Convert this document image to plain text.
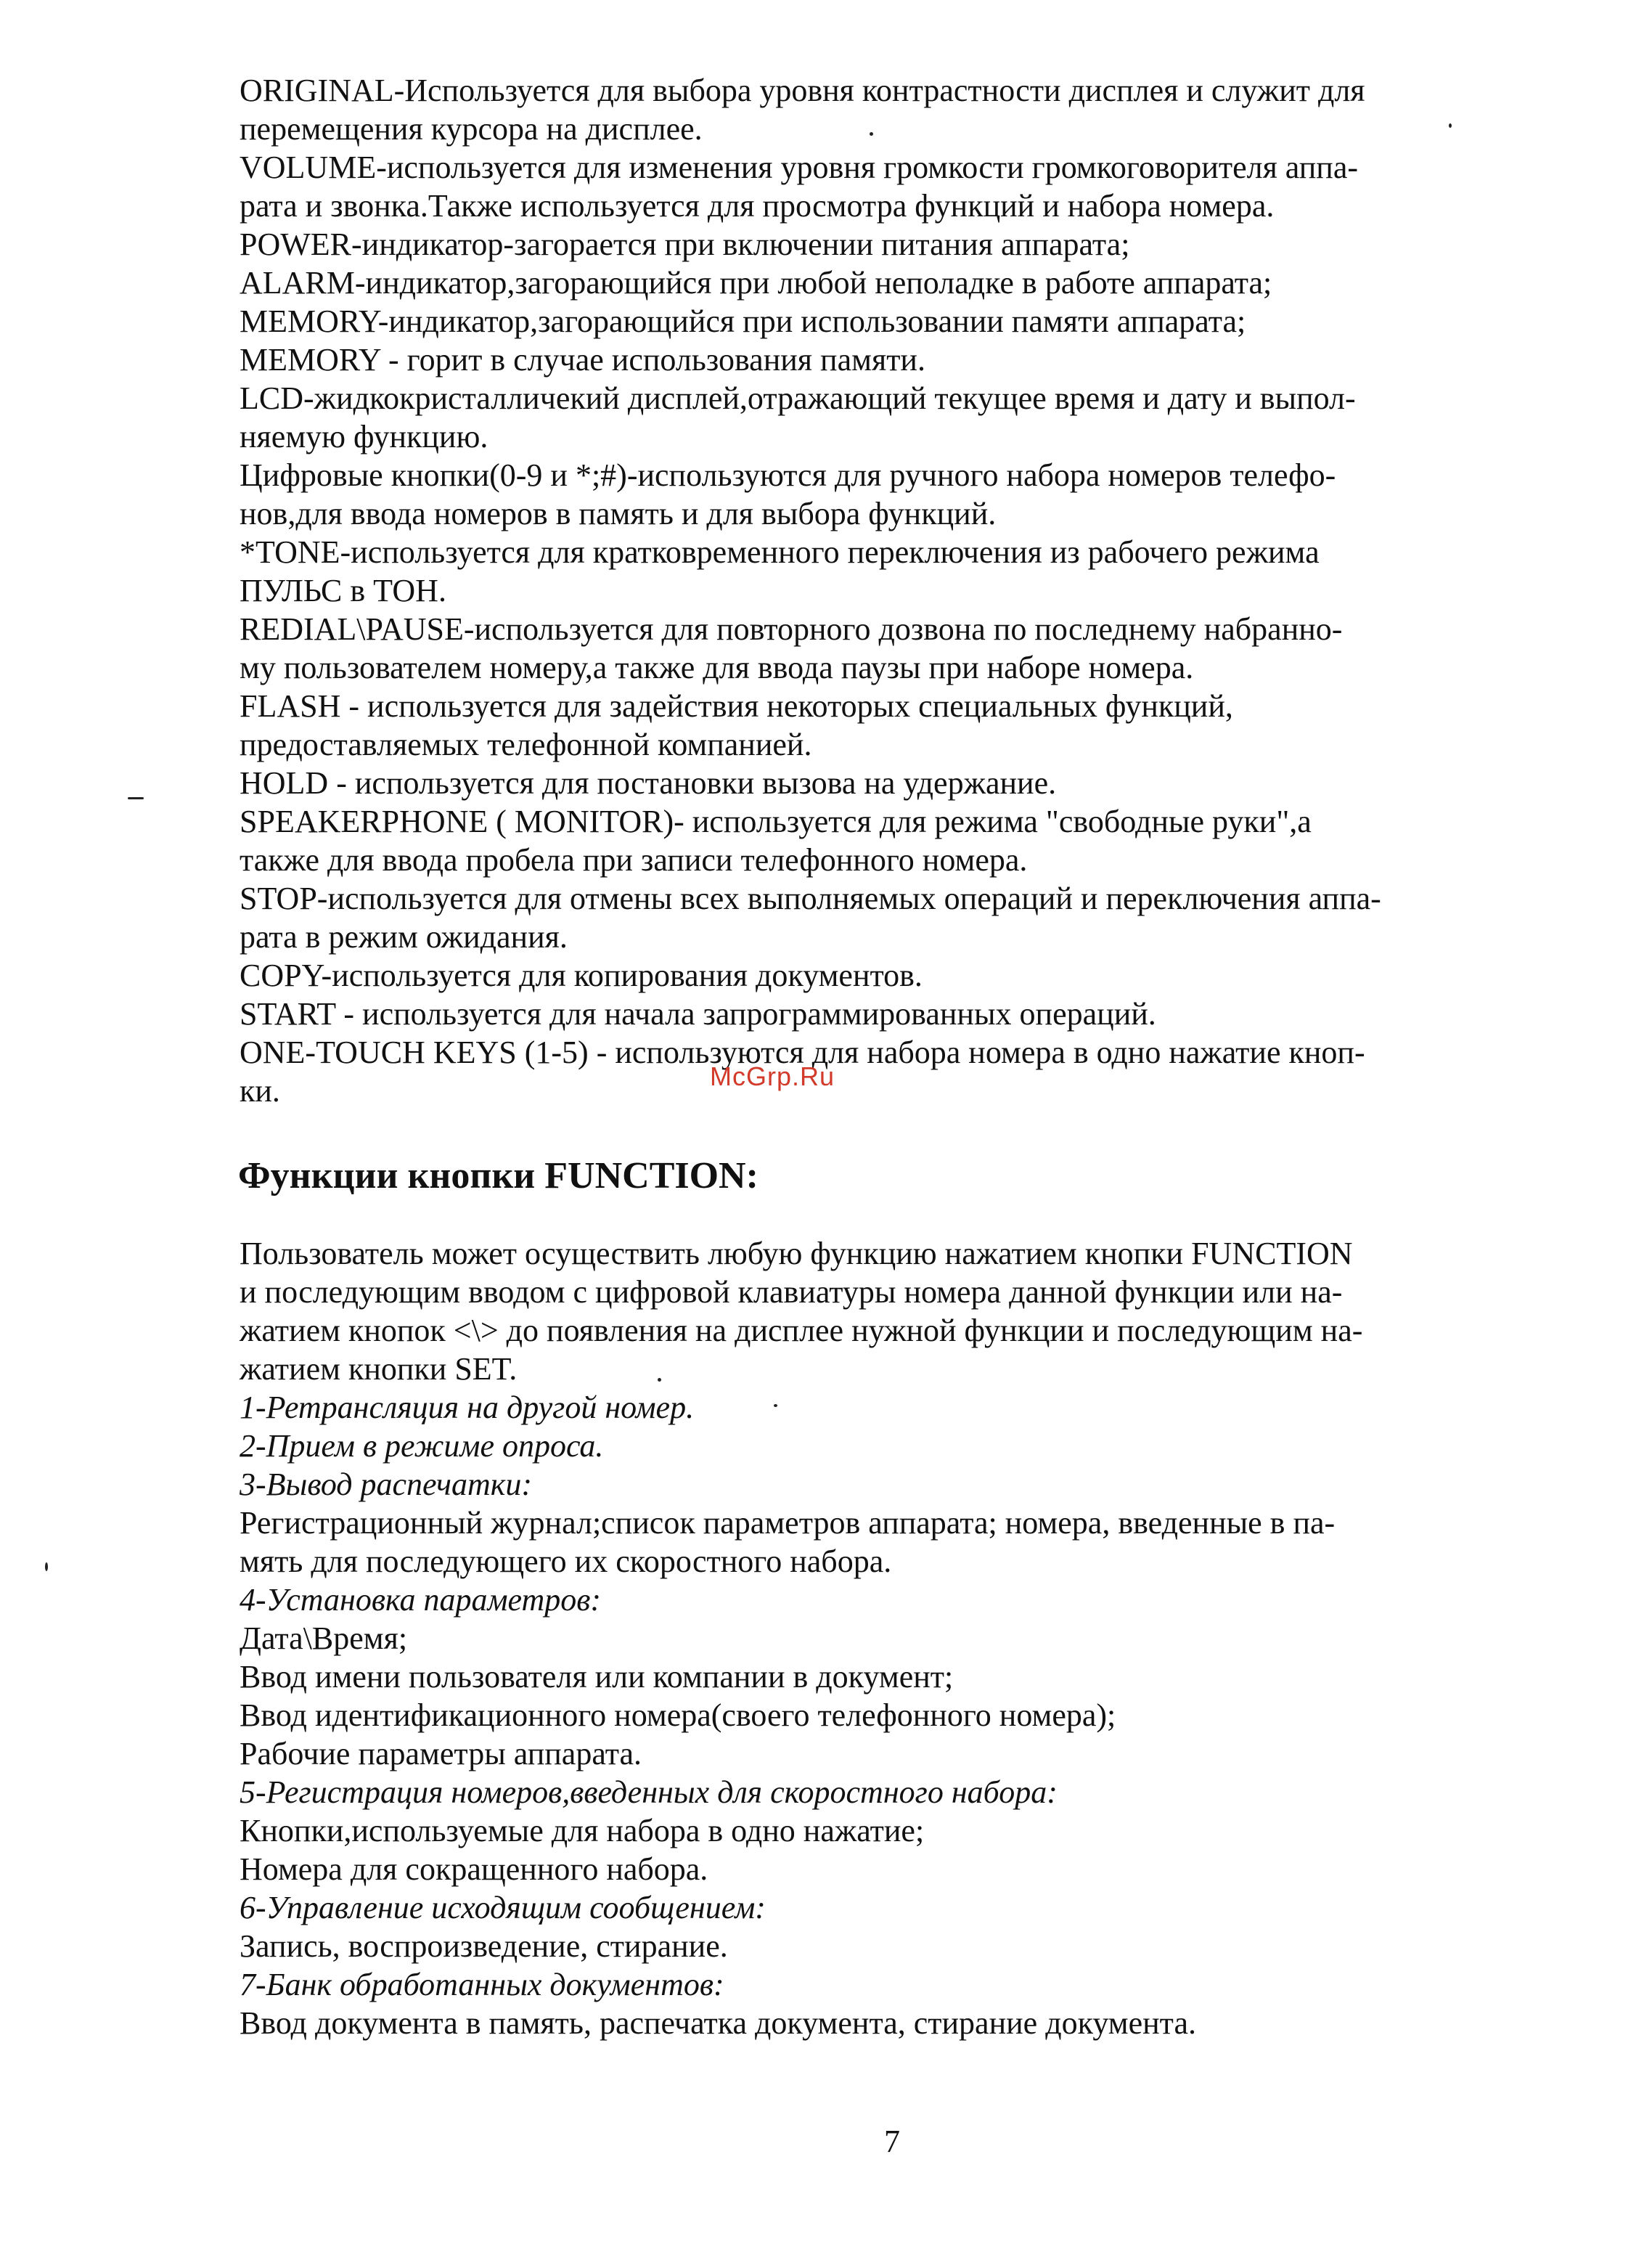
ORIGINAL-Используется для выбора уровня контрастности дисплея и служит для

перемещения курсора на дисплее.

VOLUME-используется для изменения уровня громкости громкоговорителя аппа-

рата и звонка.Также используется для просмотра функций и набора номера.

POWER-индикатор-загорается при включении питания аппарата;

ALARM-индикатор,загорающийся при любой неполадке в работе аппарата;

MEMORY-индикатор,загорающийся при использовании памяти аппарата;

MEMORY - горит в случае использования памяти.

LCD-жидкокристалличекий дисплей,отражающий текущее время и дату и выпол-

няемую функцию.

Цифровые кнопки(0-9 и *;#)-используются для ручного набора номеров телефо-

нов,для ввода номеров в память и для выбора функций.

*TONE-используется для кратковременного переключения из рабочего режима

ПУЛЬС в ТОН.

REDIAL\PAUSE-используется для повторного дозвона по последнему набранно-

му пользователем номеру,а также для ввода паузы при наборе номера.

FLASH - используется для задействия некоторых специальных функций,

предоставляемых телефонной компанией.

HOLD - используется для постановки вызова на удержание.

SPEAKERPHONE ( MONITOR)- используется для режима "свободные руки",а

также для ввода пробела при записи телефонного номера.

STOP-используется для отмены всех выполняемых операций и переключения аппа-

рата в режим ожидания.

COPY-используется для копирования документов.

START - используется для начала запрограммированных операций.

ONE-TOUCH KEYS (1-5) - используются для набора номера в одно нажатие кноп-

ки.	McGrp.Ru
Функции кнопки FUNCTION:

Пользователь может осуществить любую функцию нажатием кнопки FUNCTION

и последующим вводом с цифровой клавиатуры номера данной функции или на-

жатием кнопок <\> до появления на дисплее нужной функции и последующим на-

жатием кнопки SET.

1-Ретрансляция на другой номер.

2-Прием в режиме опроса.

3-Вывод распечатки:

Регистрационный журнал;список параметров аппарата; номера, введенные в па-

мять для последующего их скоростного набора.

4-Установка параметров:

Дата\Время;

Ввод имени пользователя или компании в документ;

Ввод идентификационного номера(своего телефонного номера);

Рабочие параметры аппарата.

5-Регистрация номеров,введенных для скоростного набора:

Кнопки,используемые для набора в одно нажатие;

Номера для сокращенного набора.

6-Управление исходящим сообщением:

Запись, воспроизведение, стирание.

7-Банк обработанных документов:

Ввод документа в память, распечатка документа, стирание документа.

7
